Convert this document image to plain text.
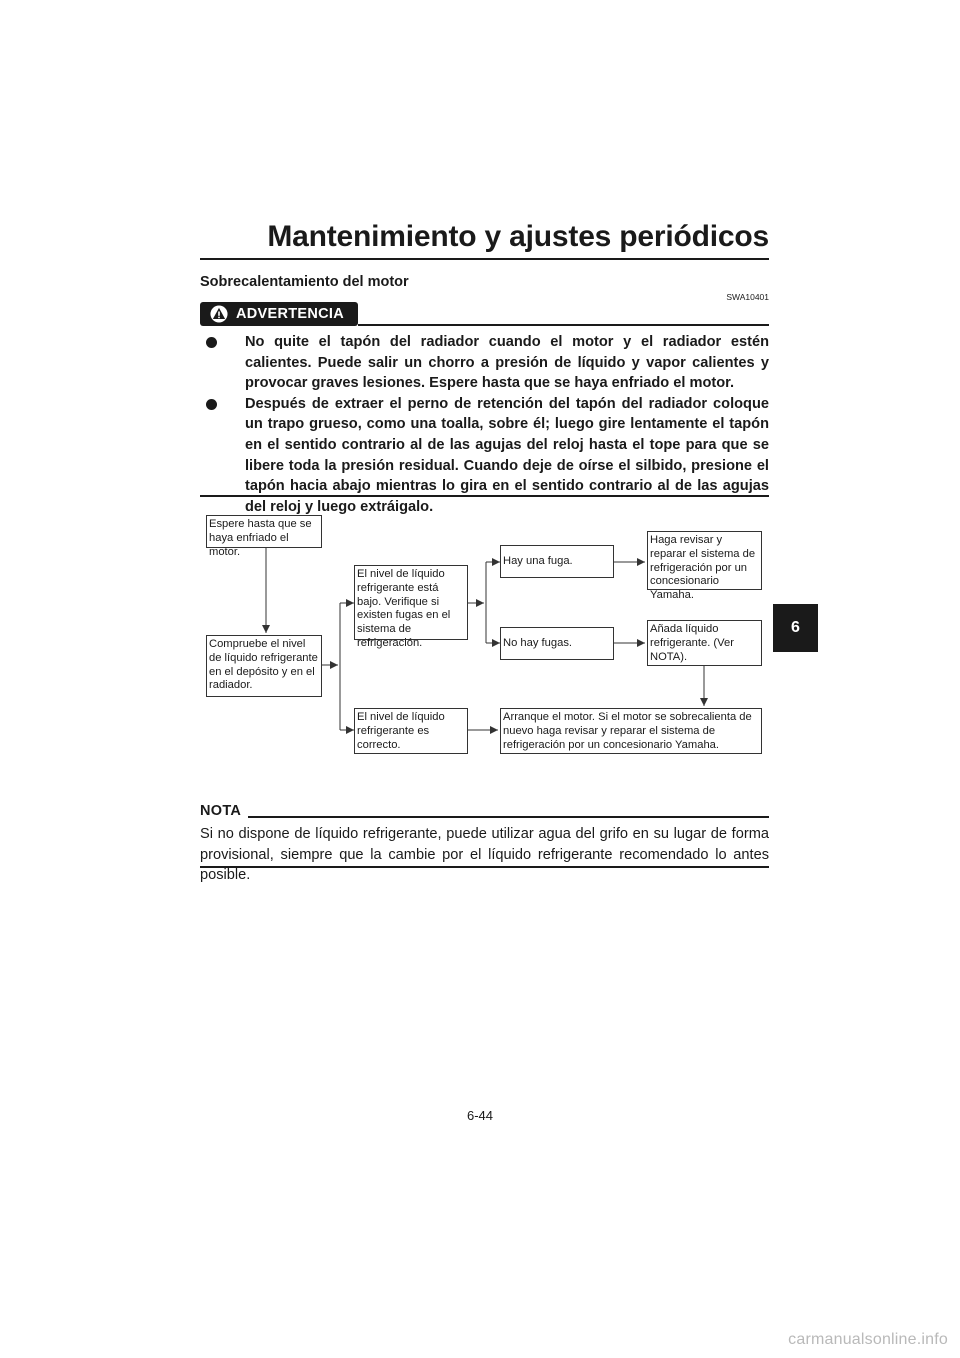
Mantenimiento y ajustes periódicos
Sobrecalentamiento del motor
SWA10401
ADVERTENCIA
No quite el tapón del radiador cuando el motor y el radiador estén calientes. Puede salir un chorro a presión de líquido y vapor calientes y provocar graves lesiones. Espere hasta que se haya enfriado el motor.
Después de extraer el perno de retención del tapón del radiador coloque un trapo grueso, como una toalla, sobre él; luego gire lentamente el tapón en el sentido contrario al de las agujas del reloj hasta el tope para que se libere toda la presión residual. Cuando deje de oírse el silbido, presione el tapón hacia abajo mientras lo gira en el sentido contrario al de las agujas del reloj y luego extráigalo.
Espere hasta que se haya enfriado el motor.
Compruebe el nivel de líquido refrigerante en el depósito y en el radiador.
El nivel de líquido refrigerante está bajo. Verifique si existen fugas en el sistema de refrigeración.
El nivel de líquido refrigerante es correcto.
Hay una fuga.
No hay fugas.
Haga revisar y reparar el sistema de refrigeración por un concesionario Yamaha.
Añada líquido refrigerante. (Ver NOTA).
Arranque el motor. Si el motor se sobrecalienta de nuevo haga revisar y reparar el sistema de refrigeración por un concesionario Yamaha.
NOTA
Si no dispone de líquido refrigerante, puede utilizar agua del grifo en su lugar de forma provisional, siempre que la cambie por el líquido refrigerante recomendado lo antes posible.
6
6-44
carmanualsonline.info
